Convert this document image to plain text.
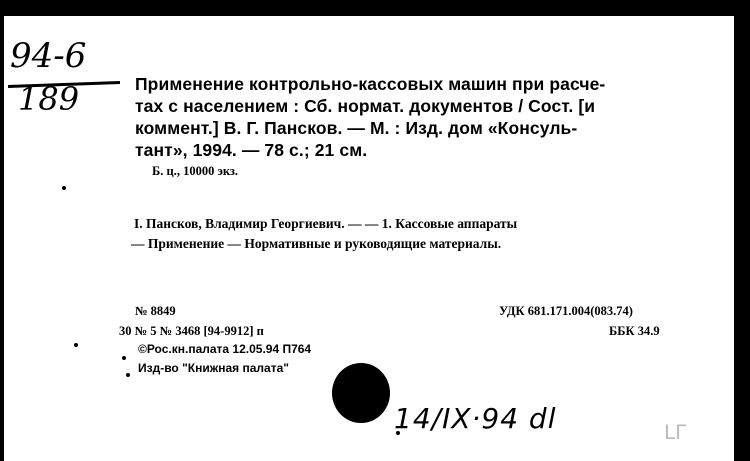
94-6
189	Применение контрольно-кассовых машин при расче-
тах с населением : Сб. нормат. документов / Сост. [и
коммент.] В. Г. Пансков. — М. : Изд. дом «Консуль-
тант», 1994. — 78 с.; 21 см.
Б. ц., 10000 экз.
I. Пансков, Владимир Георгиевич. — — 1. Кассовые аппараты
— Применение — Нормативные и руководящие материалы.
№ 8849
30 № 5 № 3468 [94-9912] п
©Рос.кн.палата 12.05.94 П764
Изд-во "Книжная палата"
УДК 681.171.004(083.74)
ББК 34.9
14/IX·94 dl	ᒪᒥ
